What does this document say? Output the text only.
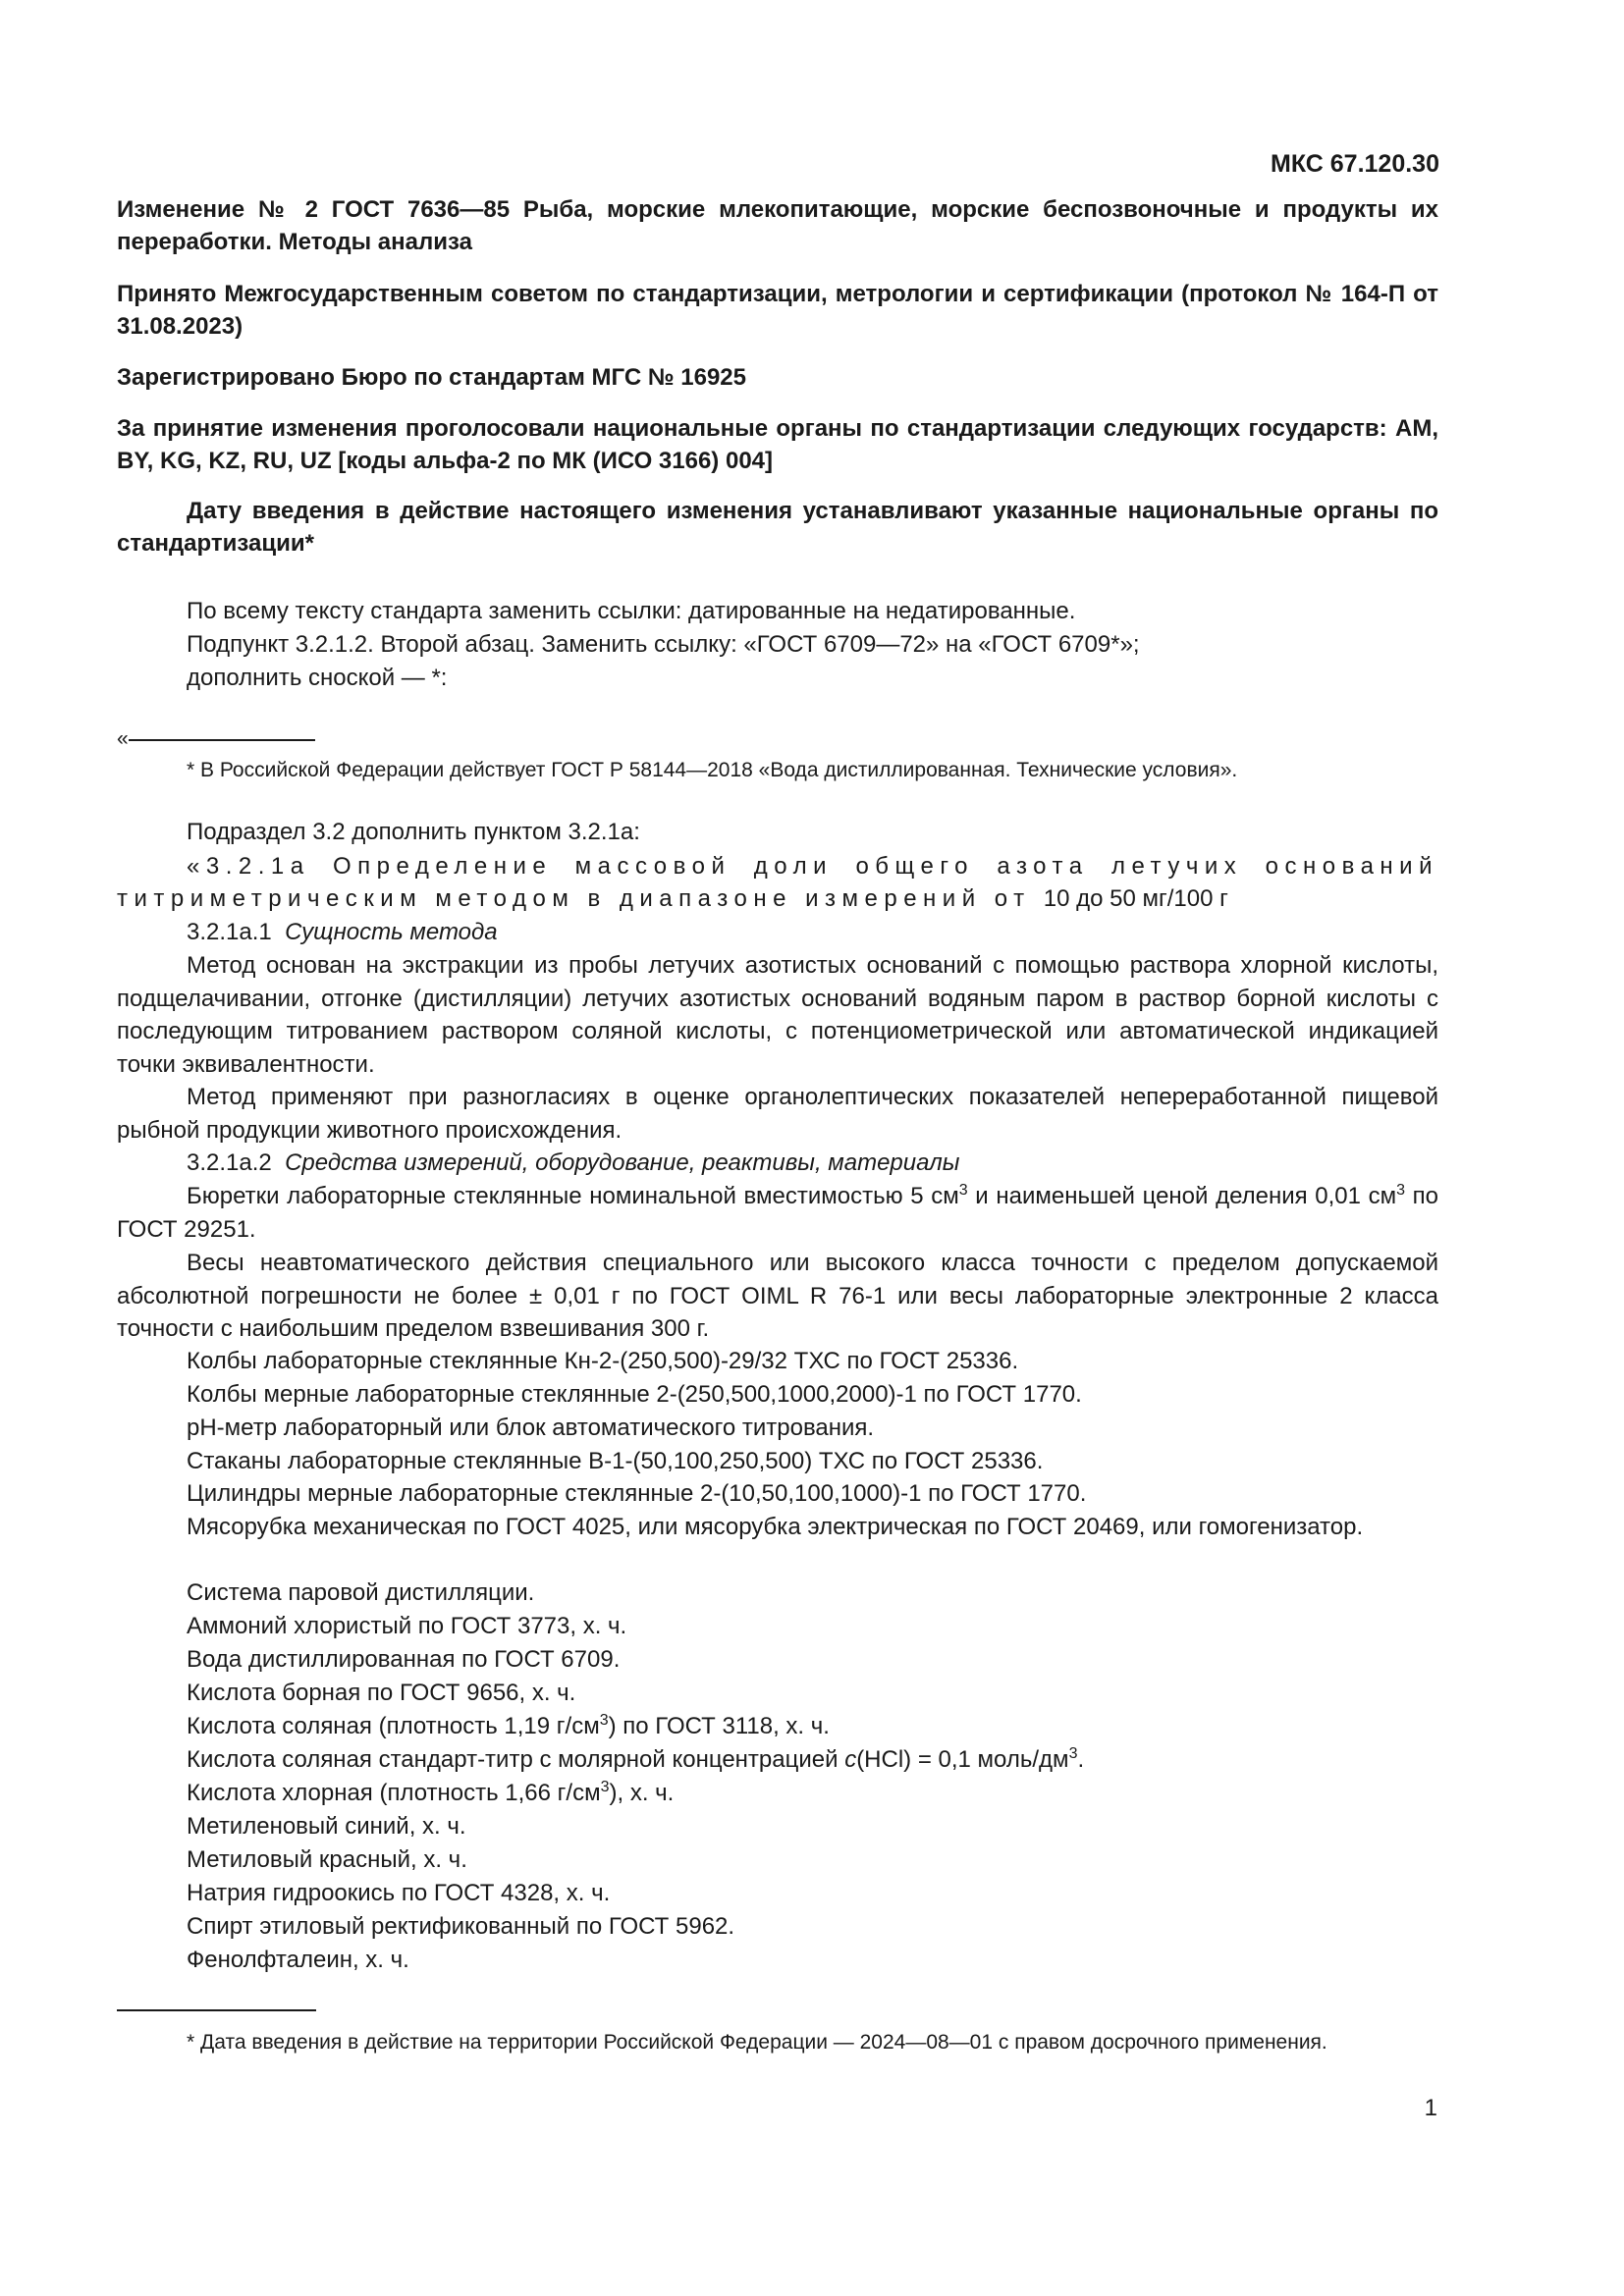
МКС 67.120.30

Изменение № 2 ГОСТ 7636—85 Рыба, морские млекопитающие, морские беспозвоночные и продукты их переработки. Методы анализа

Принято Межгосударственным советом по стандартизации, метрологии и сертификации (протокол № 164-П от 31.08.2023)

Зарегистрировано Бюро по стандартам МГС № 16925

За принятие изменения проголосовали национальные органы по стандартизации следующих государств: AM, BY, KG, KZ, RU, UZ [коды альфа-2 по МК (ИСО 3166) 004]

Дату введения в действие настоящего изменения устанавливают указанные национальные органы по стандартизации*

По всему тексту стандарта заменить ссылки: датированные на недатированные.

Подпункт 3.2.1.2. Второй абзац. Заменить ссылку: «ГОСТ 6709—72» на «ГОСТ 6709*»;

дополнить сноской — *:

«

* В Российской Федерации действует ГОСТ Р 58144—2018 «Вода дистиллированная. Технические условия».

Подраздел 3.2 дополнить пунктом 3.2.1а:

«3.2.1а Определение массовой доли общего азота летучих оснований титриметрическим методом в диапазоне измерений от 10 до 50 мг/100 г

3.2.1а.1 Сущность метода

Метод основан на экстракции из пробы летучих азотистых оснований с помощью раствора хлорной кислоты, подщелачивании, отгонке (дистилляции) летучих азотистых оснований водяным паром в раствор борной кислоты с последующим титрованием раствором соляной кислоты, с потенциометрической или автоматической индикацией точки эквивалентности.

Метод применяют при разногласиях в оценке органолептических показателей непереработанной пищевой рыбной продукции животного происхождения.

3.2.1а.2 Средства измерений, оборудование, реактивы, материалы

Бюретки лабораторные стеклянные номинальной вместимостью 5 $см^3$ и наименьшей ценой деления 0,01 $см^3$ по ГОСТ 29251.

Весы неавтоматического действия специального или высокого класса точности с пределом допускаемой абсолютной погрешности не более ± 0,01 г по ГОСТ OIML R 76-1 или весы лабораторные электронные 2 класса точности с наибольшим пределом взвешивания 300 г.

Колбы лабораторные стеклянные Кн-2-(250,500)-29/32 ТХС по ГОСТ 25336.

Колбы мерные лабораторные стеклянные 2-(250,500,1000,2000)-1 по ГОСТ 1770.

pH-метр лабораторный или блок автоматического титрования.

Стаканы лабораторные стеклянные В-1-(50,100,250,500) ТХС по ГОСТ 25336.

Цилиндры мерные лабораторные стеклянные 2-(10,50,100,1000)-1 по ГОСТ 1770.

Мясорубка механическая по ГОСТ 4025, или мясорубка электрическая по ГОСТ 20469, или гомогенизатор.

Система паровой дистилляции.

Аммоний хлористый по ГОСТ 3773, х. ч.

Вода дистиллированная по ГОСТ 6709.

Кислота борная по ГОСТ 9656, х. ч.

Кислота соляная (плотность 1,19 $г/см^3$) по ГОСТ 3118, х. ч.

Кислота соляная стандарт-титр с молярной концентрацией c(HCl) = 0,1 моль/$дм^3$.

Кислота хлорная (плотность 1,66 $г/см^3$), х. ч.

Метиленовый синий, х. ч.

Метиловый красный, х. ч.

Натрия гидроокись по ГОСТ 4328, х. ч.

Спирт этиловый ректификованный по ГОСТ 5962.

Фенолфталеин, х. ч.

* Дата введения в действие на территории Российской Федерации — 2024—08—01 с правом досрочного применения.

1
